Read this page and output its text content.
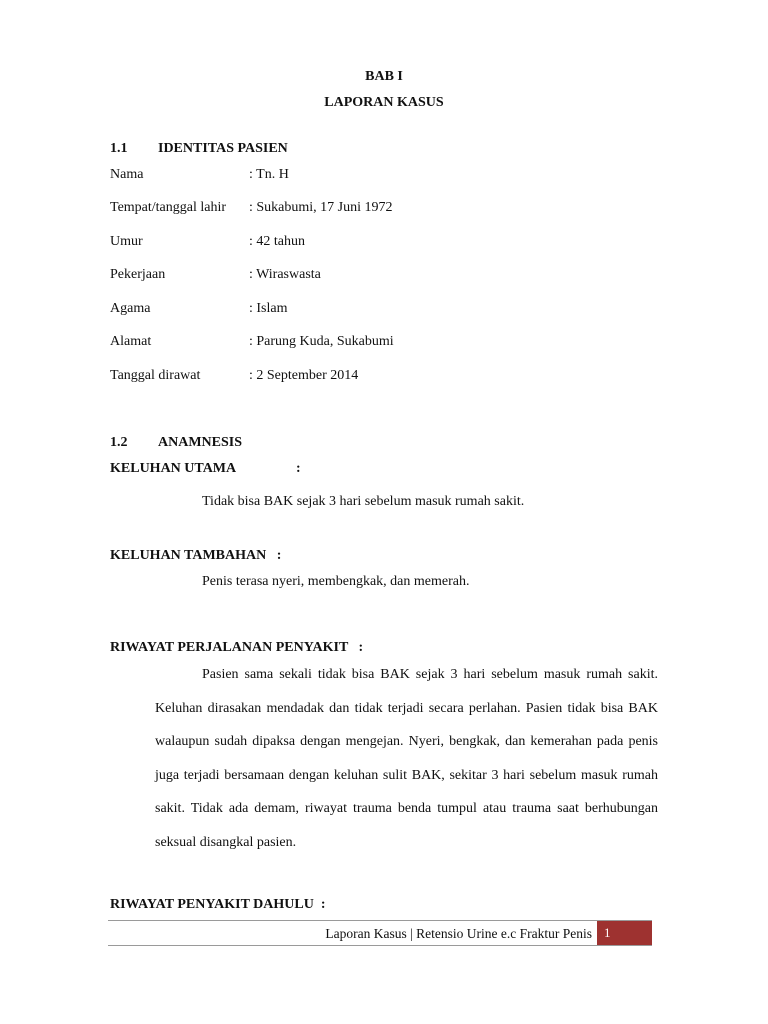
BAB I
LAPORAN KASUS
1.1 IDENTITAS PASIEN
Nama	: Tn. H
Tempat/tanggal lahir : Sukabumi, 17 Juni 1972
Umur	: 42 tahun
Pekerjaan	: Wiraswasta
Agama	: Islam
Alamat	: Parung Kuda, Sukabumi
Tanggal dirawat	: 2 September 2014
1.2 ANAMNESIS
KELUHAN UTAMA	:
Tidak bisa BAK sejak 3 hari sebelum masuk rumah sakit.
KELUHAN TAMBAHAN   :
Penis terasa nyeri, membengkak, dan memerah.
RIWAYAT PERJALANAN PENYAKIT   :
Pasien sama sekali tidak bisa BAK sejak 3 hari sebelum masuk rumah sakit. Keluhan dirasakan mendadak dan tidak terjadi secara perlahan. Pasien tidak bisa BAK walaupun sudah dipaksa dengan mengejan. Nyeri, bengkak, dan kemerahan pada penis juga terjadi bersamaan dengan keluhan sulit BAK, sekitar 3 hari sebelum masuk rumah sakit. Tidak ada demam, riwayat trauma benda tumpul atau trauma saat berhubungan seksual disangkal pasien.
RIWAYAT PENYAKIT DAHULU  :
Laporan Kasus | Retensio Urine e.c Fraktur Penis 1
